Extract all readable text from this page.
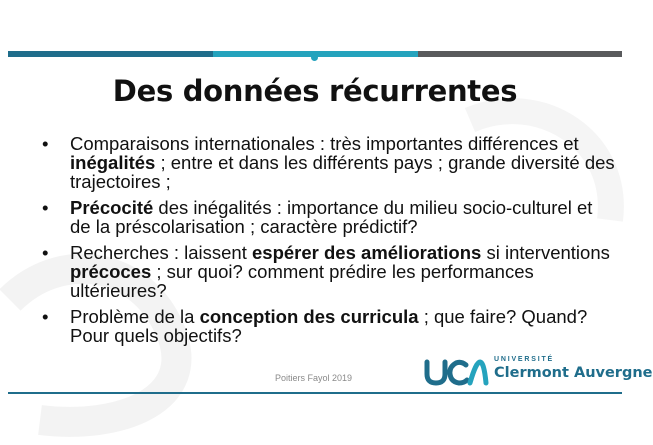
Des données récurrentes
• Comparaisons internationales : très importantes différences et inégalités ; entre et dans les différents pays ; grande diversité des trajectoires ;
• Précocité des inégalités : importance du milieu socio-culturel et de la préscolarisation ; caractère prédictif?
• Recherches : laissent espérer des améliorations si interventions précoces ; sur quoi? comment prédire les performances ultérieures?
• Problème de la conception des curricula ; que faire? Quand? Pour quels objectifs?
Poitiers Fayol 2019
UNIVERSITÉ
Clermont Auvergne
